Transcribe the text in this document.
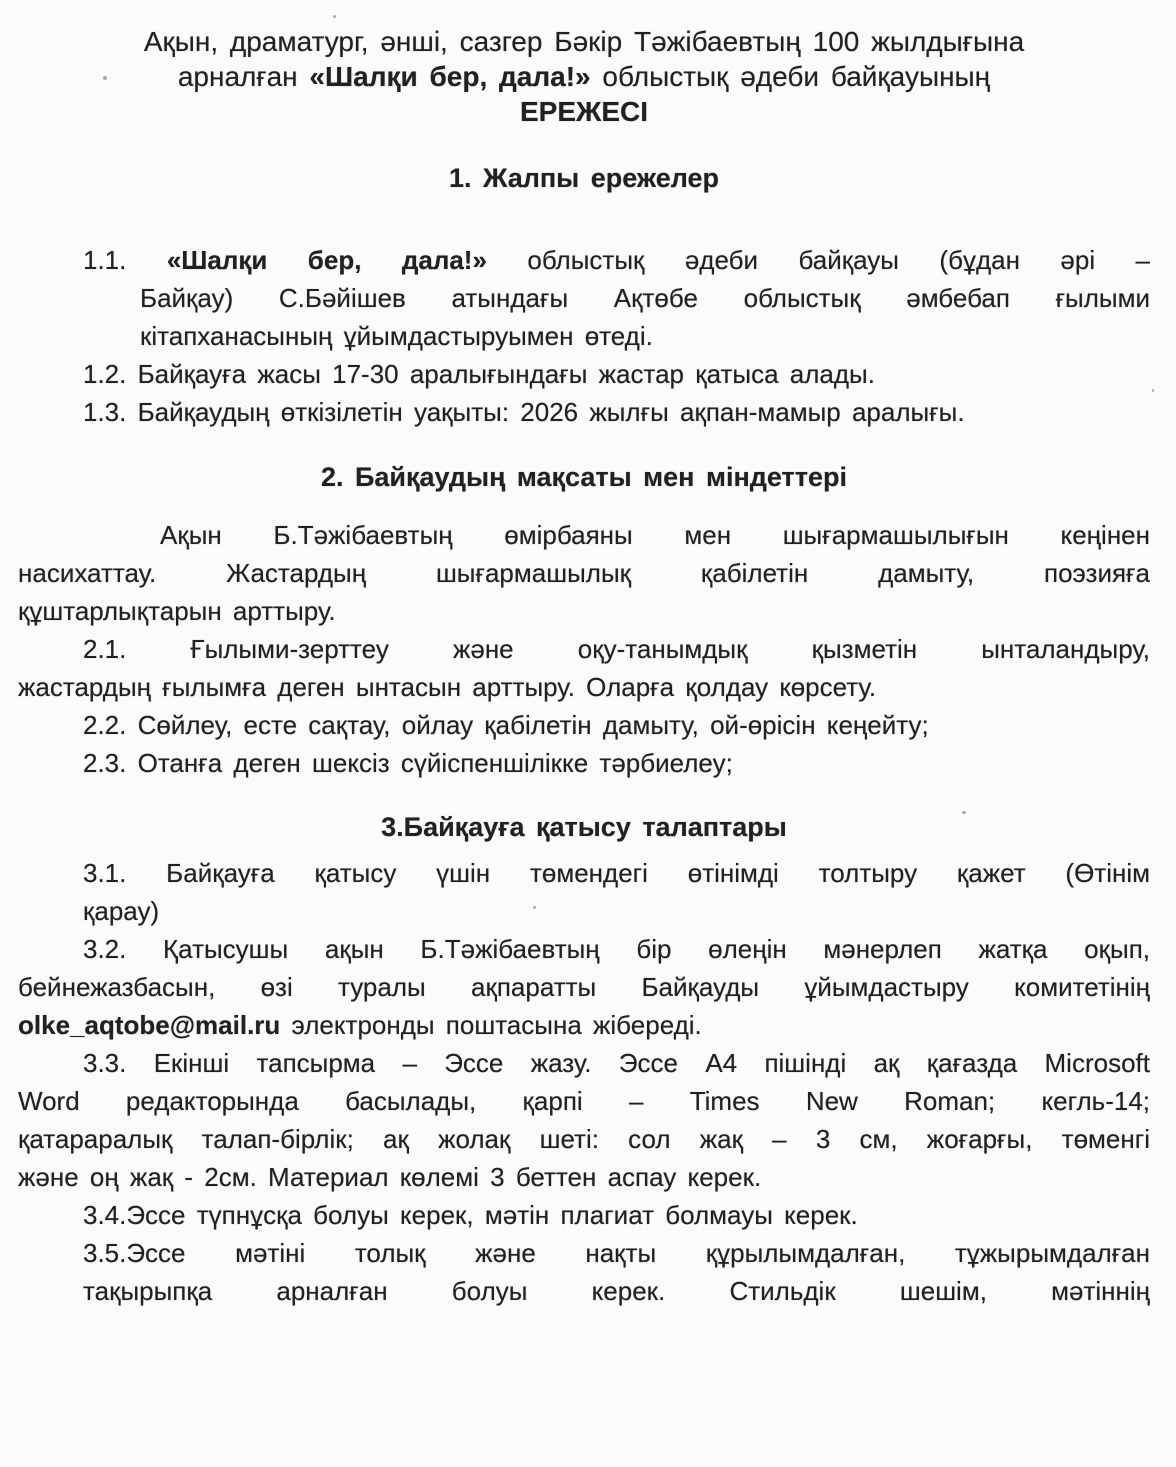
Ақын, драматург, әнші, сазгер Бәкір Тәжібаевтың 100 жылдығына
арналған «Шалқи бер, дала!» облыстық әдеби байқауының
ЕРЕЖЕСІ
1. Жалпы ережелер
1.1. «Шалқи бер, дала!» облыстық әдеби байқауы (бұдан әрі –
Байқау) С.Бәйішев атындағы Ақтөбе облыстық әмбебап ғылыми
кітапханасының ұйымдастыруымен өтеді.
1.2. Байқауға жасы 17-30 аралығындағы жастар қатыса алады.
1.3. Байқаудың өткізілетін уақыты: 2026 жылғы ақпан-мамыр аралығы.
2. Байқаудың мақсаты мен міндеттері
Ақын Б.Тәжібаевтың өмірбаяны мен шығармашылығын кеңінен
насихаттау. Жастардың шығармашылық қабілетін дамыту, поэзияға
құштарлықтарын арттыру.
2.1. Ғылыми-зерттеу және оқу-танымдық қызметін ынталандыру,
жастардың ғылымға деген ынтасын арттыру. Оларға қолдау көрсету.
2.2. Сөйлеу, есте сақтау, ойлау қабілетін дамыту, ой-өрісін кеңейту;
2.3. Отанға деген шексіз сүйіспеншілікке тәрбиелеу;
3.Байқауға қатысу талаптары
3.1. Байқауға қатысу үшін төмендегі өтінімді толтыру қажет (Өтінім
қарау)
3.2. Қатысушы ақын Б.Тәжібаевтың бір өлеңін мәнерлеп жатқа оқып,
бейнежазбасын, өзі туралы ақпаратты Байқауды ұйымдастыру комитетінің
olke_aqtobe@mail.ru электронды поштасына жібереді.
3.3. Екінші тапсырма – Эссе жазу. Эссе А4 пішінді ақ қағазда Microsoft
Word редакторында басылады, қарпі – Times New Roman; кегль-14;
қатараралық талап-бірлік; ақ жолақ шеті: сол жақ – 3 см, жоғарғы, төменгі
және оң жақ - 2см. Материал көлемі 3 беттен аспау керек.
3.4.Эссе түпнұсқа болуы керек, мәтін плагиат болмауы керек.
3.5.Эссе мәтіні толық және нақты құрылымдалған, тұжырымдалған
тақырыпқа арналған болуы керек. Стильдік шешім, мәтіннің
